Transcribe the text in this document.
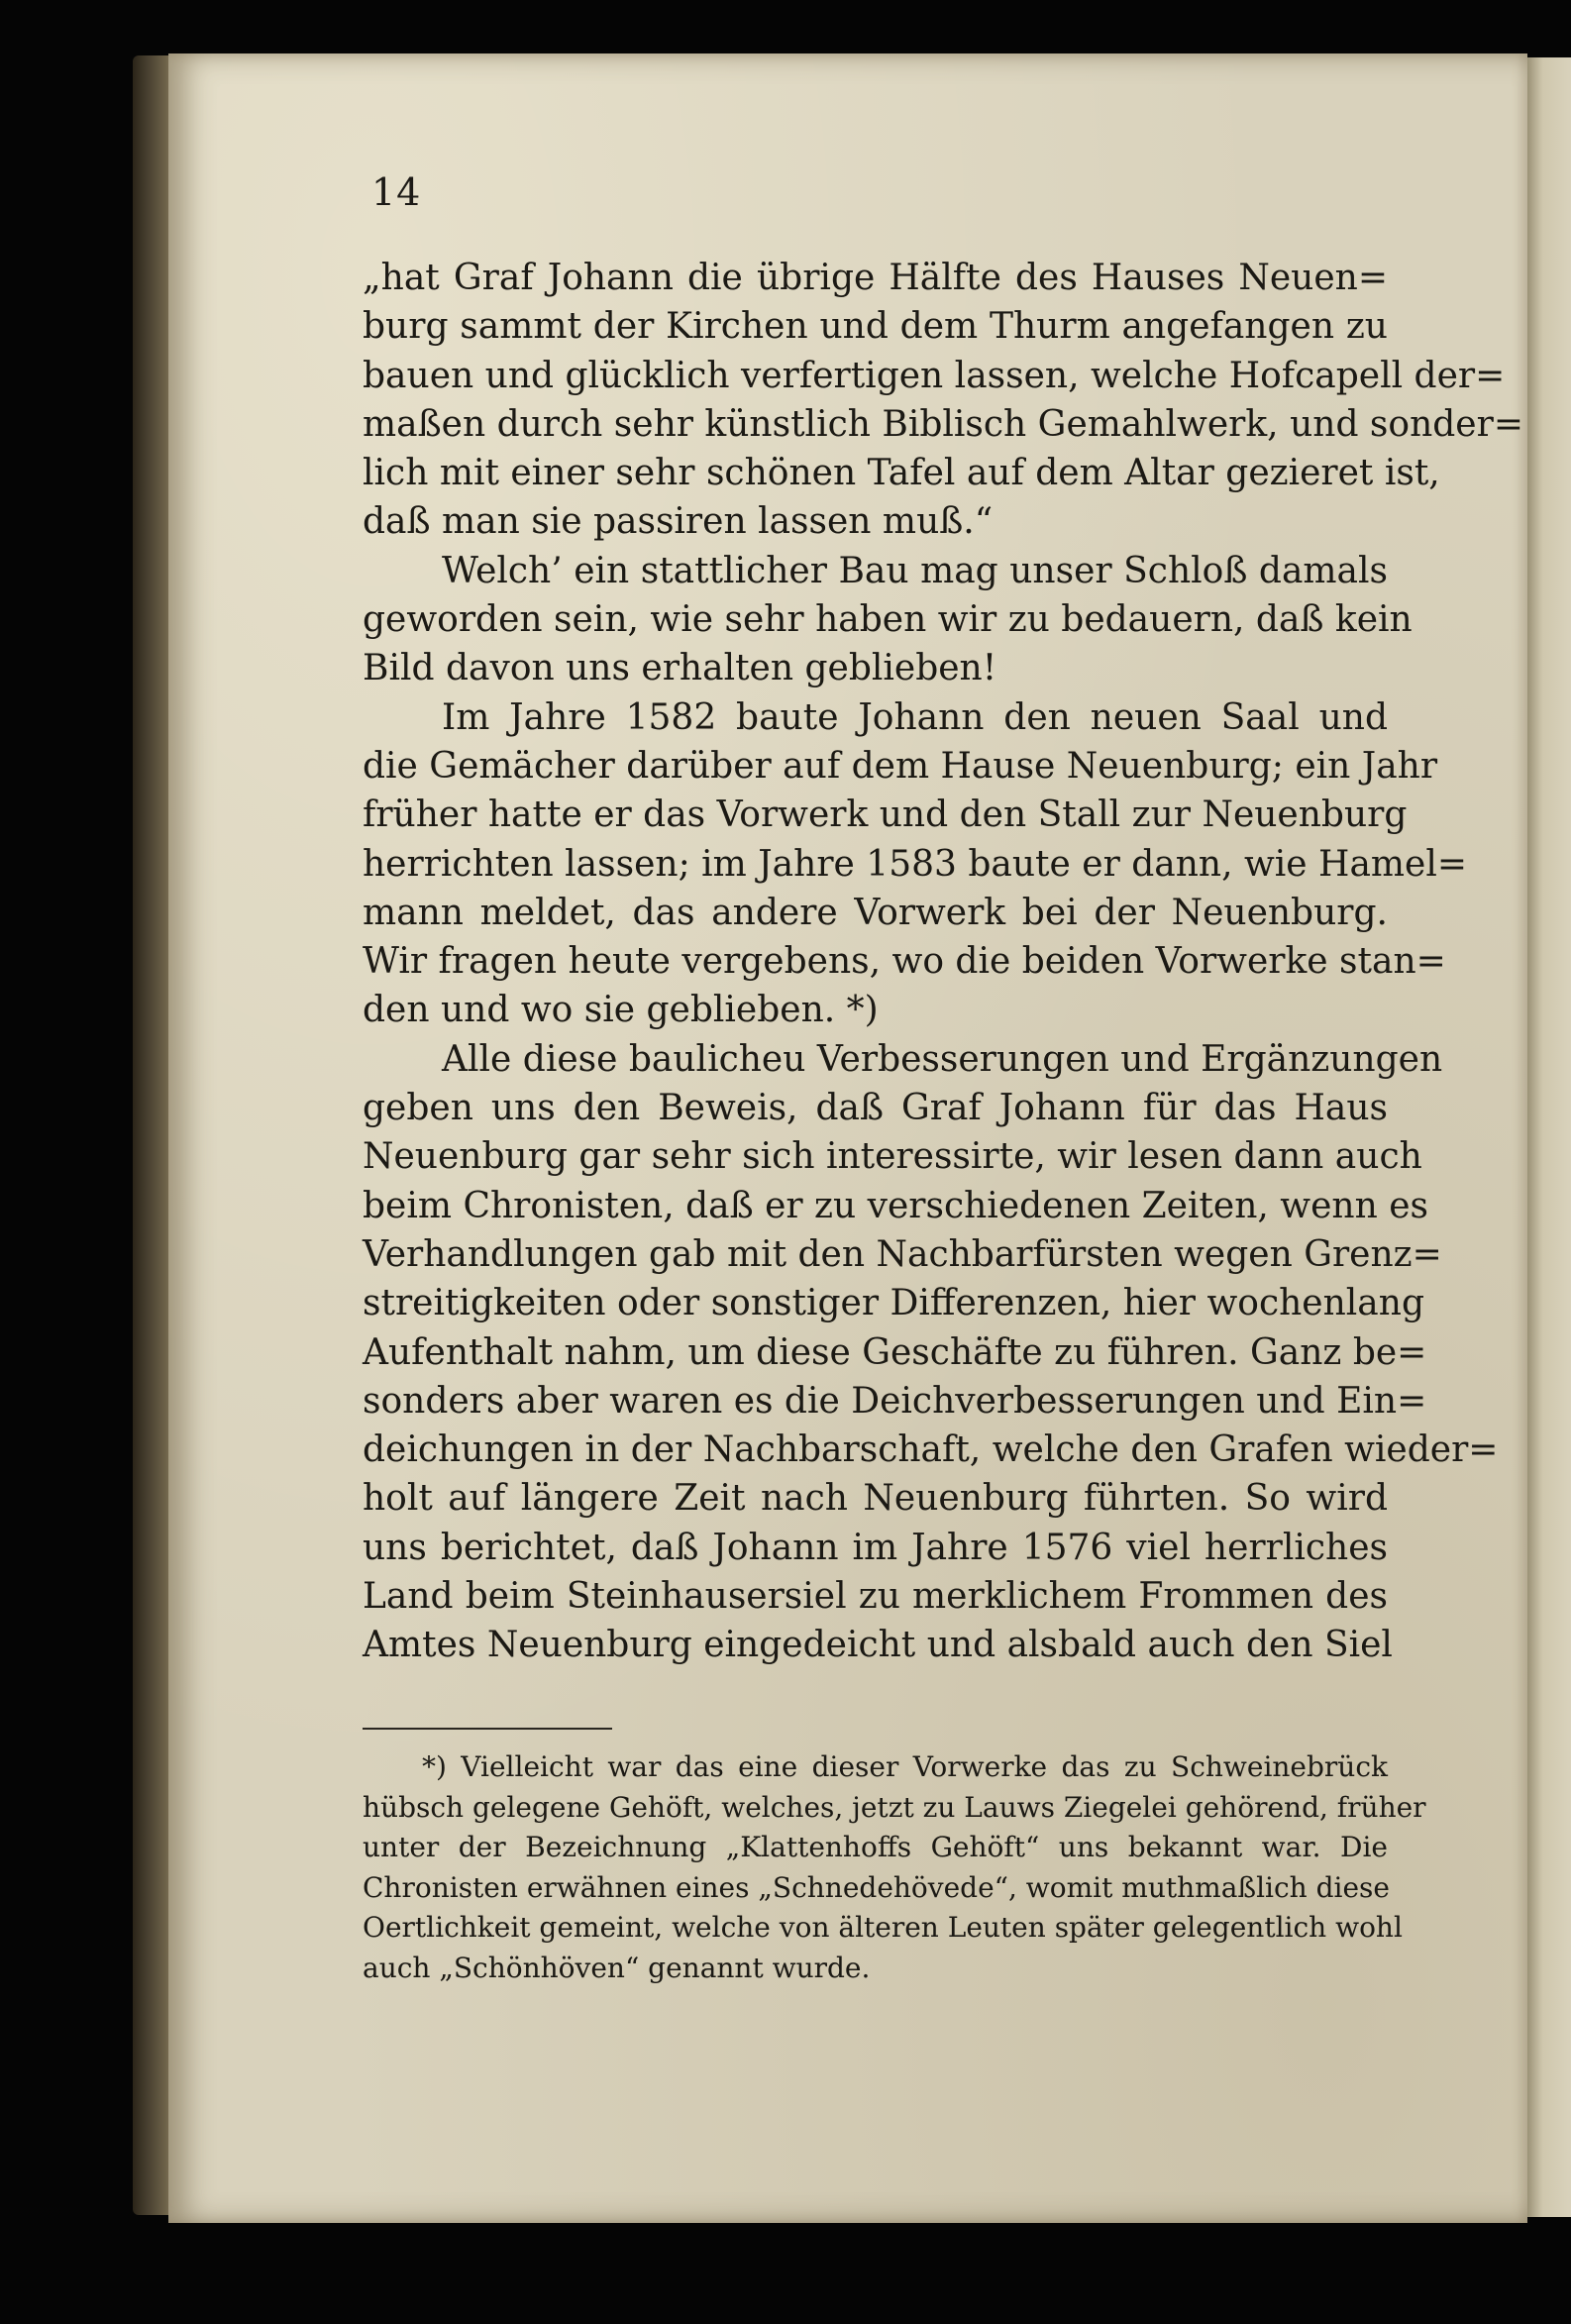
14
„hat Graf Johann die übrige Hälfte des Hauses Neuen=
burg sammt der Kirchen und dem Thurm angefangen zu
bauen und glücklich verfertigen lassen, welche Hofcapell der=
maßen durch sehr künstlich Biblisch Gemahlwerk, und sonder=
lich mit einer sehr schönen Tafel auf dem Altar gezieret ist,
daß man sie passiren lassen muß.“
Welch’ ein stattlicher Bau mag unser Schloß damals
geworden sein, wie sehr haben wir zu bedauern, daß kein
Bild davon uns erhalten geblieben!
Im Jahre 1582 baute Johann den neuen Saal und
die Gemächer darüber auf dem Hause Neuenburg; ein Jahr
früher hatte er das Vorwerk und den Stall zur Neuenburg
herrichten lassen; im Jahre 1583 baute er dann, wie Hamel=
mann meldet, das andere Vorwerk bei der Neuenburg.
Wir fragen heute vergebens, wo die beiden Vorwerke stan=
den und wo sie geblieben. *)
Alle diese baulicheu Verbesserungen und Ergänzungen
geben uns den Beweis, daß Graf Johann für das Haus
Neuenburg gar sehr sich interessirte, wir lesen dann auch
beim Chronisten, daß er zu verschiedenen Zeiten, wenn es
Verhandlungen gab mit den Nachbarfürsten wegen Grenz=
streitigkeiten oder sonstiger Differenzen, hier wochenlang
Aufenthalt nahm, um diese Geschäfte zu führen. Ganz be=
sonders aber waren es die Deichverbesserungen und Ein=
deichungen in der Nachbarschaft, welche den Grafen wieder=
holt auf längere Zeit nach Neuenburg führten. So wird
uns berichtet, daß Johann im Jahre 1576 viel herrliches
Land beim Steinhausersiel zu merklichem Frommen des
Amtes Neuenburg eingedeicht und alsbald auch den Siel
*) Vielleicht war das eine dieser Vorwerke das zu Schweinebrück
hübsch gelegene Gehöft, welches, jetzt zu Lauws Ziegelei gehörend, früher
unter der Bezeichnung „Klattenhoffs Gehöft“ uns bekannt war. Die
Chronisten erwähnen eines „Schnedehövede“, womit muthmaßlich diese
Oertlichkeit gemeint, welche von älteren Leuten später gelegentlich wohl
auch „Schönhöven“ genannt wurde.
